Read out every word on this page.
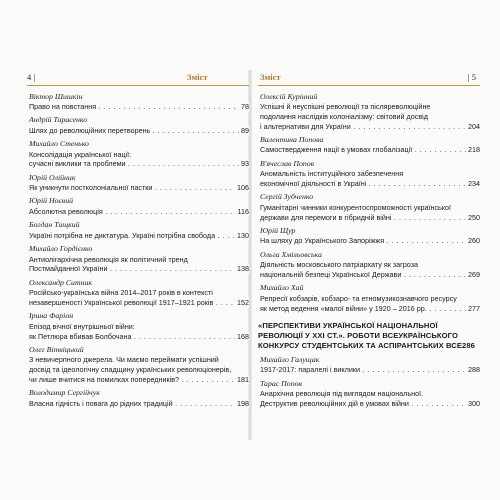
4 |	Зміст
Віктор Шишкін
Право на повстання . . .	78
Андрій Тарасенко
Шлях до революційних перетворень . . .	89
Михайло Стенько
Консолідація української нації:
сучасні виклики та проблеми . . .	93
Юрій Олійник
Як уникнути постколоніальної пастки . . .	106
Юрій Ноєвий
Абсолютна революція . . .	116
Богдан Тищкий
Україні потрібна не диктатура. Україні потрібна свобода . . .	130
Михайло Гордієнко
Антиолігархічна революція як політичний тренд
Постмайданної України . . .	138
Олександр Ситник
Російсько-українська війна 2014–2017 років в контексті
незавершеності Української революції 1917–1921 років . . .	152
Ірина Фаріон
Епізод вічної внутрішньої війни:
як Петлюра вбивав Болбочана . . .	168
Олег Вітвіцький
З невичерпного джерела. Чи маємо переймати успішний
досвід та ідеологічну спадщину українських революціонерів,
чи лише вчитися на помилках попередників? . . .	181
Володимир Сергійчук
Власна гідність і повага до рідних традицій . . .	198
Зміст	| 5
Олексій Курінний
Успішні й неуспішні революції та післяреволюційне
подолання наслідків колоніалізму: світовий досвід
і альтернативи для України . . .	204
Валентина Попова
Самоствердження нації в умовах глобалізації . . .	218
В'ячеслав Попов
Аномальність інституційного забезпечення
економічної діяльності в Україні . . .	234
Сергій Зубченко
Гуманітарні чинники конкурентоспроможності української
держави для перемоги в гібридній війні . . .	250
Юрій Щур
На шляху до Українського Запоріжжя . . .	260
Ольга Хмільовська
Діяльність московського патріархату як загроза
національній безпеці Української Держави . . .	269
Михайло Хай
Репресії кобзарів, кобзаро- та етномузикознавчого ресурсу
як метод ведення «малої війни» у 1920 – 2016 рр. . . .	277
«ПЕРСПЕКТИВИ УКРАЇНСЬКОЇ НАЦІОНАЛЬНОЇ
РЕВОЛЮЦІЇ У XXI СТ.». РОБОТИ ВСЕУКРАЇНСЬКОГО
КОНКУРСУ СТУДЕНТСЬКИХ ТА АСПІРАНТСЬКИХ ВСЕ286
Михайло Галущак
1917-2017: паралелі і виклики . . .	288
Тарас Попов
Анархічна революція під виглядом національної.
Деструктив революційних дій в умовах війни . . .	300
